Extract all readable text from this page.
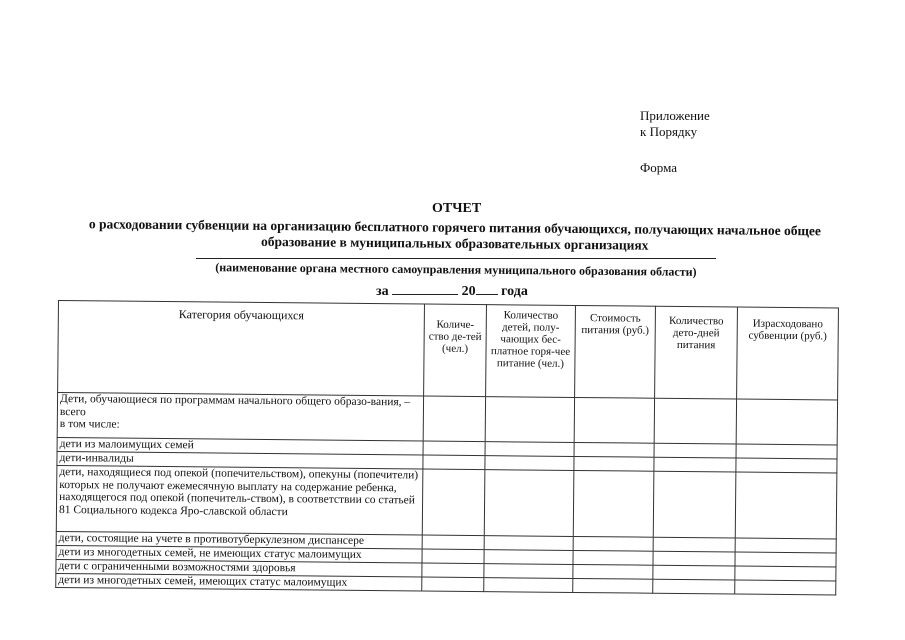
Приложение
к Порядку
Форма
ОТЧЕТ
о расходовании субвенции на организацию бесплатного горячего питания обучающихся, получающих начальное общее образование в муниципальных образовательных организациях
(наименование органа местного самоуправления муниципального образования области)
за	20 года
Категория обучающихся	Количе-ство де-тей (чел.)	Количество детей, полу-чающих бес-платное горя-чее питание (чел.)	Стоимость питания (руб.)	Количество дето-дней питания	Израсходовано субвенции (руб.)
Дети, обучающиеся по программам начального общего образо-вания, – всего
в том числе:					
дети из малоимущих семей					
дети-инвалиды					
дети, находящиеся под опекой (попечительством), опекуны (попечители) которых не получают ежемесячную выплату на содержание ребенка, находящегося под опекой (попечитель-ством), в соответствии со статьей 81 Социального кодекса Яро-славской области					
дети, состоящие на учете в противотуберкулезном диспансере					
дети из многодетных семей, не имеющих статус малоимущих					
дети с ограниченными возможностями здоровья					
дети из многодетных семей, имеющих статус малоимущих					
